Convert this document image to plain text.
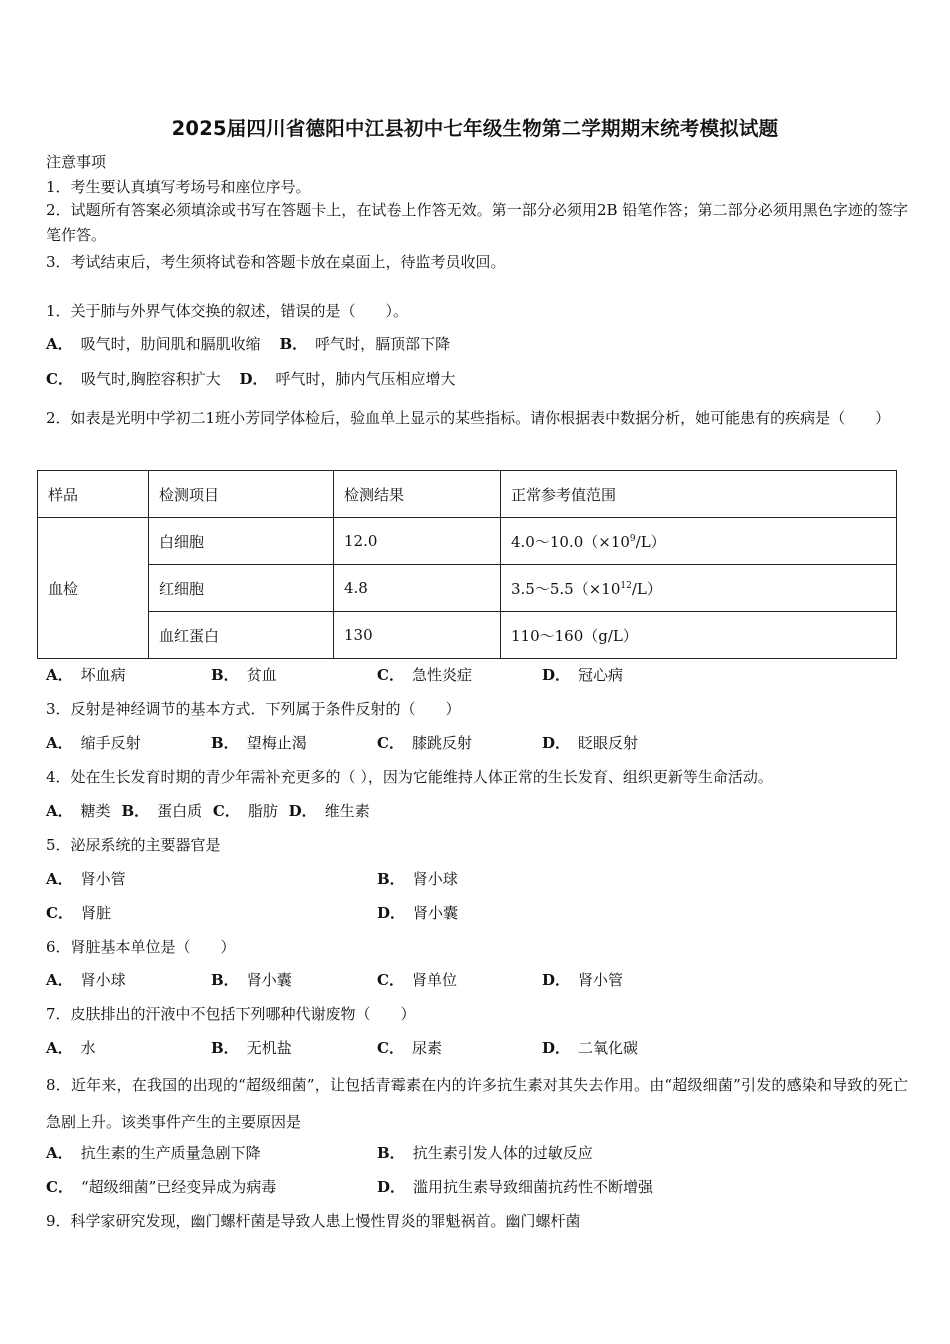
2025届四川省德阳中江县初中七年级生物第二学期期末统考模拟试题
注意事项
1．考生要认真填写考场号和座位序号。
2．试题所有答案必须填涂或书写在答题卡上，在试卷上作答无效。第一部分必须用2B 铅笔作答；第二部分必须用黑色字迹的签字笔作答。
3．考试结束后，考生须将试卷和答题卡放在桌面上，待监考员收回。
1．关于肺与外界气体交换的叙述，错误的是（　　）。
A． 吸气时，肋间肌和膈肌收缩 B． 呼气时，膈顶部下降
C． 吸气时,胸腔容积扩大 D． 呼气时，肺内气压相应增大
2．如表是光明中学初二1班小芳同学体检后，验血单上显示的某些指标。请你根据表中数据分析，她可能患有的疾病是（　　）
样品	检测项目	检测结果	正常参考值范围
血检	白细胞	12.0	$4.0\sim 10.0(\times 10^9/L)$
	红细胞	4.8	$3.5\sim 5.5(\times 10^{12}/L)$
	血红蛋白	130	110～160（g/L）
A． 坏血病	B． 贫血	C． 急性炎症	D． 冠心病
3．反射是神经调节的基本方式．下列属于条件反射的（　　）
A． 缩手反射	B． 望梅止渴	C． 膝跳反射	D． 眨眼反射
4．处在生长发育时期的青少年需补充更多的（ ），因为它能维持人体正常的生长发育、组织更新等生命活动。
A． 糖类 B． 蛋白质 C． 脂肪 D． 维生素
5．泌尿系统的主要器官是
A． 肾小管	B． 肾小球
C． 肾脏	D． 肾小囊
6．肾脏基本单位是（　　）
A． 肾小球	B． 肾小囊	C． 肾单位	D． 肾小管
7．皮肤排出的汗液中不包括下列哪种代谢废物（　　）
A． 水	B． 无机盐	C． 尿素	D． 二氧化碳
8．近年来，在我国的出现的“超级细菌”，让包括青霉素在内的许多抗生素对其失去作用。由“超级细菌”引发的感染和导致的死亡急剧上升。该类事件产生的主要原因是
A． 抗生素的生产质量急剧下降	B． 抗生素引发人体的过敏反应
C． “超级细菌”已经变异成为病毒	D． 滥用抗生素导致细菌抗药性不断增强
9．科学家研究发现，幽门螺杆菌是导致人患上慢性胃炎的罪魁祸首。幽门螺杆菌
